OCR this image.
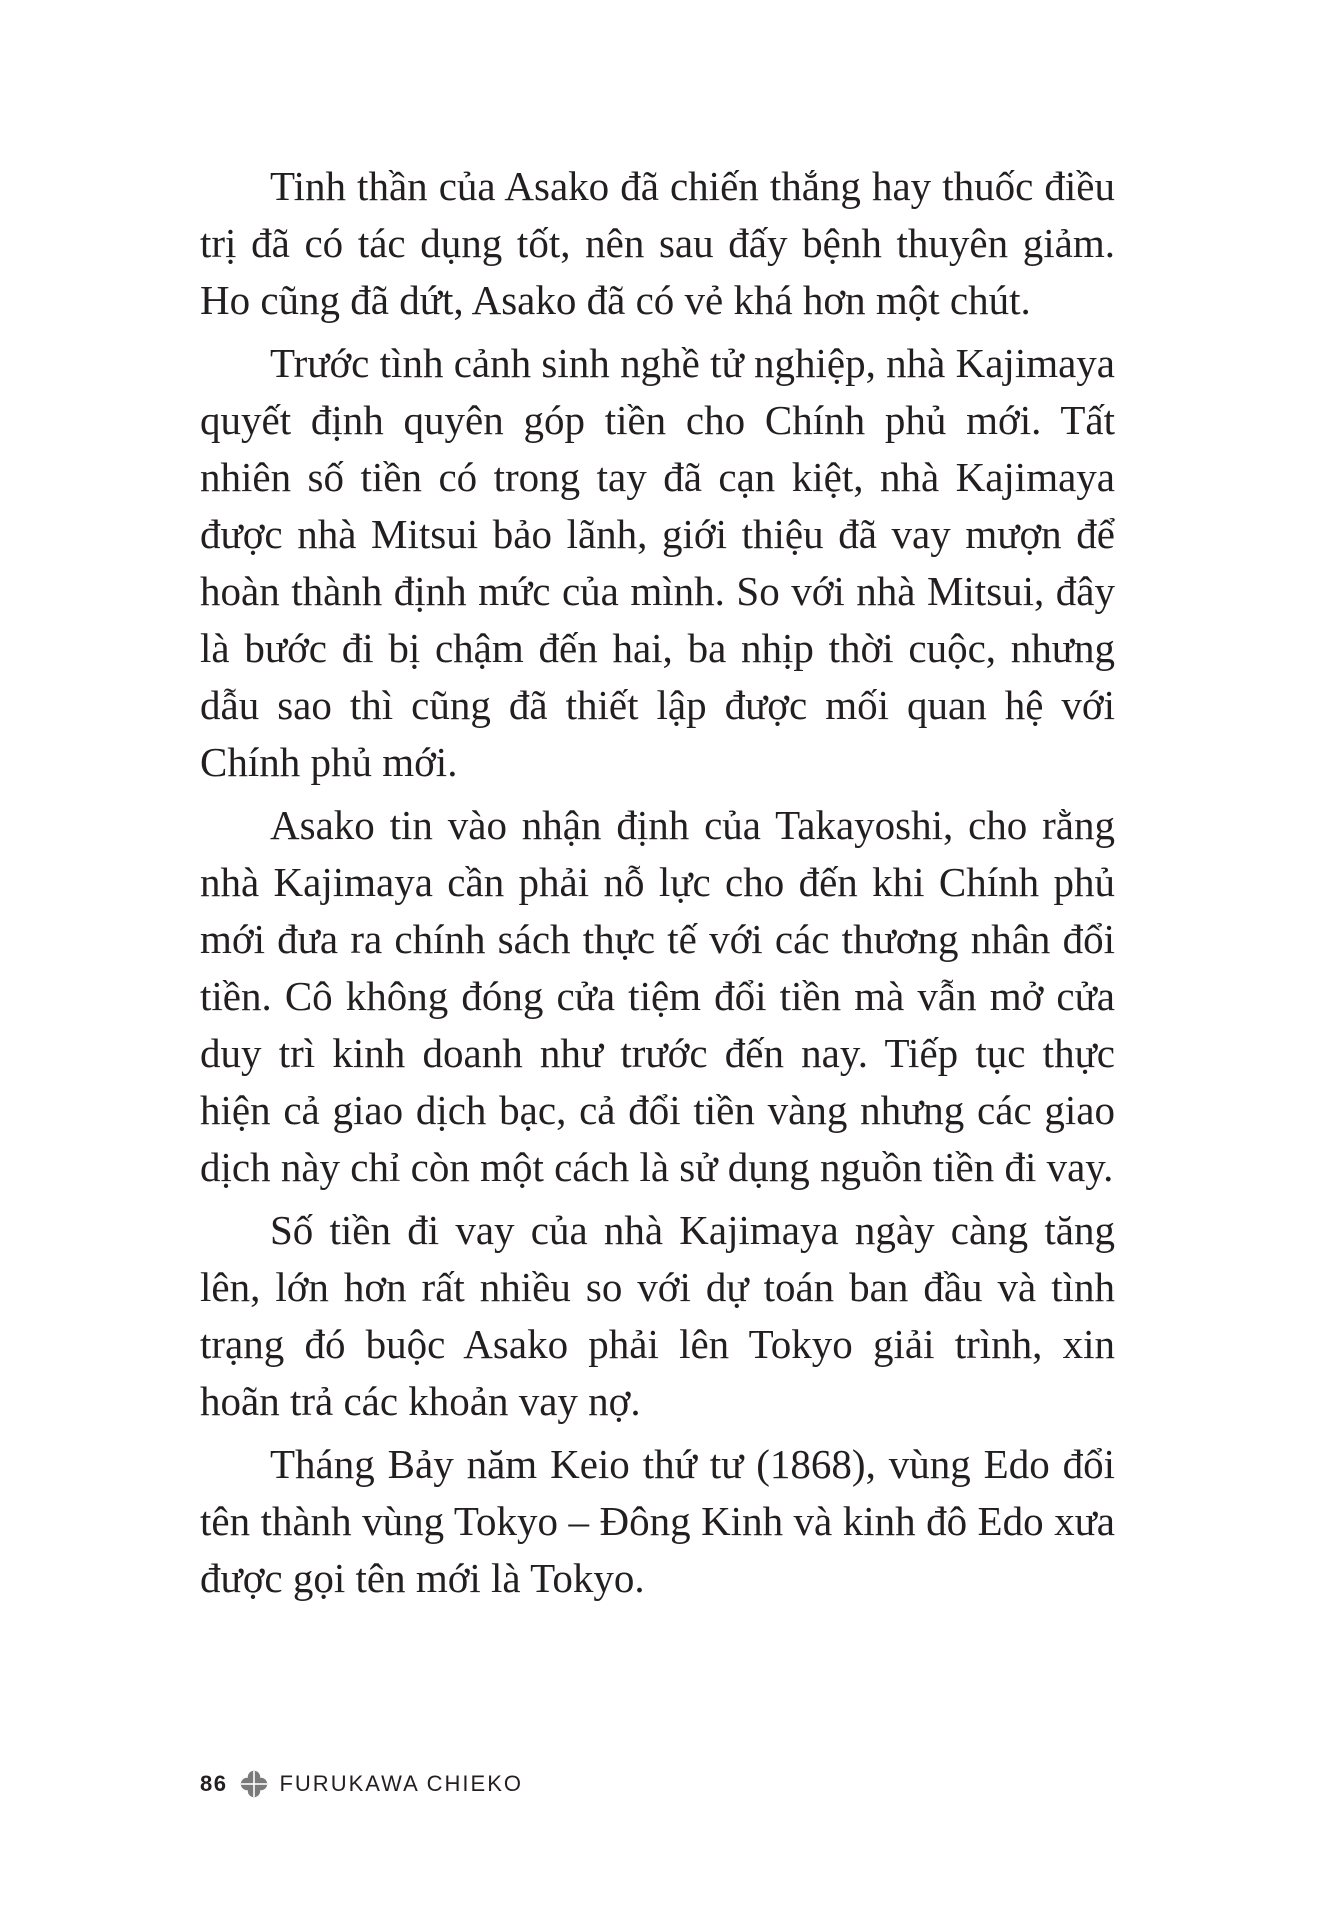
Tinh thần của Asako đã chiến thắng hay thuốc điều trị đã có tác dụng tốt, nên sau đấy bệnh thuyên giảm. Ho cũng đã dứt, Asako đã có vẻ khá hơn một chút.

Trước tình cảnh sinh nghề tử nghiệp, nhà Kajimaya quyết định quyên góp tiền cho Chính phủ mới. Tất nhiên số tiền có trong tay đã cạn kiệt, nhà Kajimaya được nhà Mitsui bảo lãnh, giới thiệu đã vay mượn để hoàn thành định mức của mình. So với nhà Mitsui, đây là bước đi bị chậm đến hai, ba nhịp thời cuộc, nhưng dẫu sao thì cũng đã thiết lập được mối quan hệ với Chính phủ mới.

Asako tin vào nhận định của Takayoshi, cho rằng nhà Kajimaya cần phải nỗ lực cho đến khi Chính phủ mới đưa ra chính sách thực tế với các thương nhân đổi tiền. Cô không đóng cửa tiệm đổi tiền mà vẫn mở cửa duy trì kinh doanh như trước đến nay. Tiếp tục thực hiện cả giao dịch bạc, cả đổi tiền vàng nhưng các giao dịch này chỉ còn một cách là sử dụng nguồn tiền đi vay.

Số tiền đi vay của nhà Kajimaya ngày càng tăng lên, lớn hơn rất nhiều so với dự toán ban đầu và tình trạng đó buộc Asako phải lên Tokyo giải trình, xin hoãn trả các khoản vay nợ.

Tháng Bảy năm Keio thứ tư (1868), vùng Edo đổi tên thành vùng Tokyo – Đông Kinh và kinh đô Edo xưa được gọi tên mới là Tokyo.

86 FURUKAWA CHIEKO
